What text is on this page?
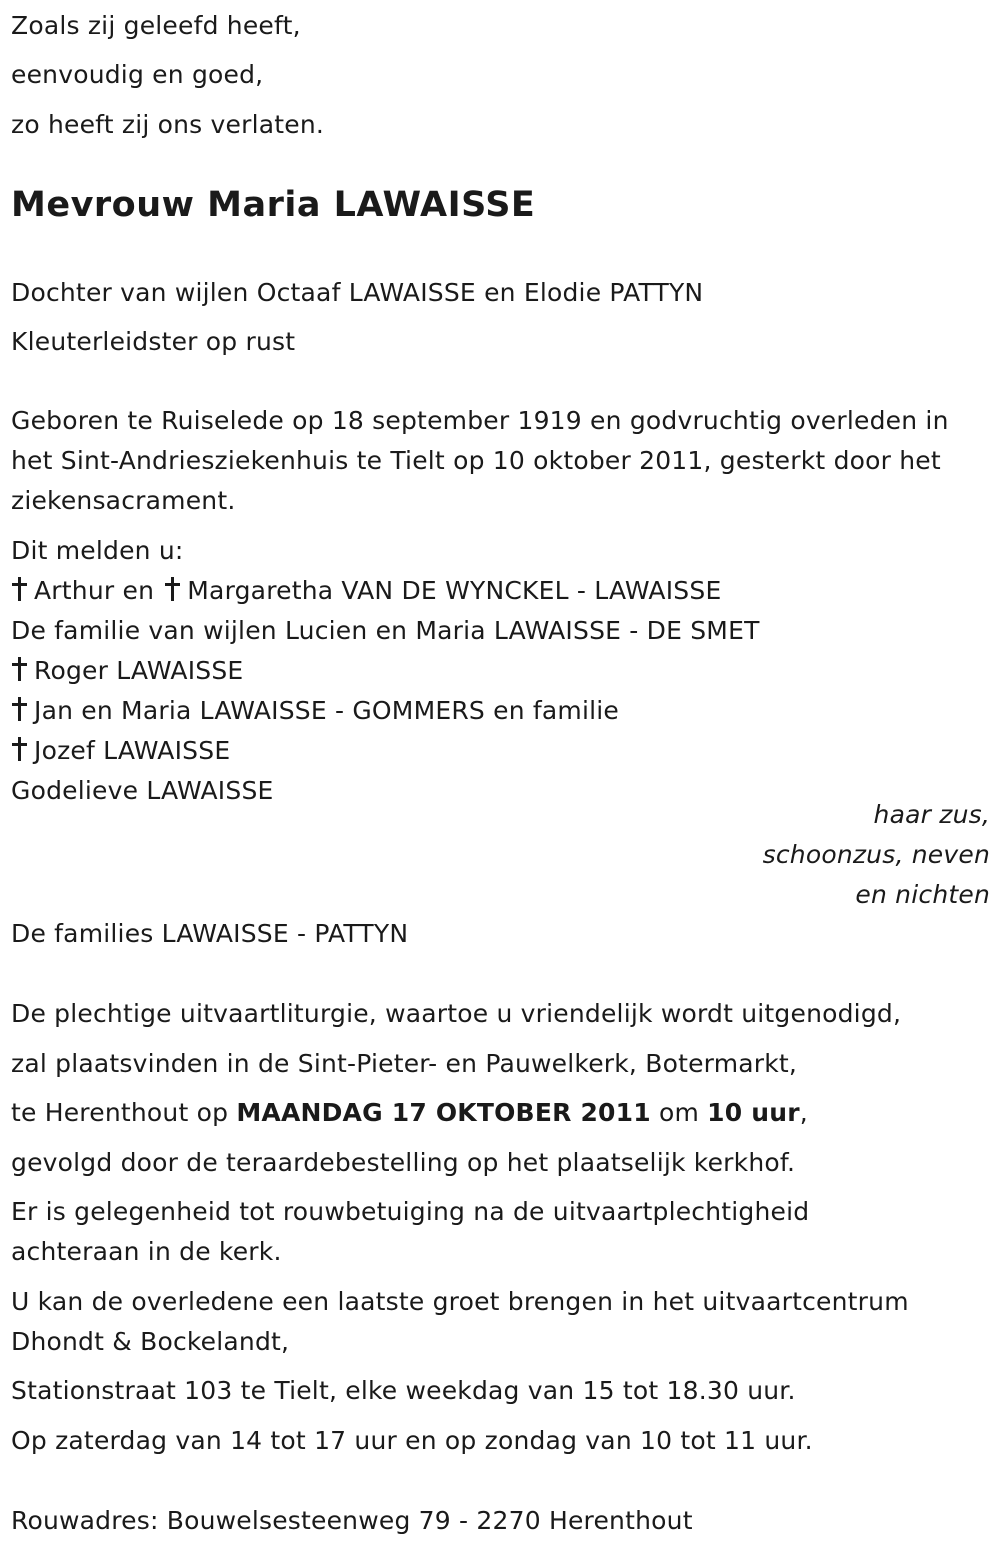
Zoals zij geleefd heeft,
eenvoudig en goed,
zo heeft zij ons verlaten.
Mevrouw Maria LAWAISSE
Dochter van wijlen Octaaf LAWAISSE en Elodie PATTYN
Kleuterleidster op rust
Geboren te Ruiselede op 18 september 1919 en godvruchtig overleden in
het Sint-Andriesziekenhuis te Tielt op 10 oktober 2011, gesterkt door het
ziekensacrament.
Dit melden u:
Arthur en Margaretha VAN DE WYNCKEL - LAWAISSE
De familie van wijlen Lucien en Maria LAWAISSE - DE SMET
Roger LAWAISSE
Jan en Maria LAWAISSE - GOMMERS en familie
Jozef LAWAISSE
Godelieve LAWAISSE
haar zus,
schoonzus, neven
en nichten
De families LAWAISSE - PATTYN
De plechtige uitvaartliturgie, waartoe u vriendelijk wordt uitgenodigd,
zal plaatsvinden in de Sint-Pieter- en Pauwelkerk, Botermarkt,
te Herenthout op MAANDAG 17 OKTOBER 2011 om 10 uur,
gevolgd door de teraardebestelling op het plaatselijk kerkhof.
Er is gelegenheid tot rouwbetuiging na de uitvaartplechtigheid
achteraan in de kerk.
U kan de overledene een laatste groet brengen in het uitvaartcentrum
Dhondt & Bockelandt,
Stationstraat 103 te Tielt, elke weekdag van 15 tot 18.30 uur.
Op zaterdag van 14 tot 17 uur en op zondag van 10 tot 11 uur.
Rouwadres: Bouwelsesteenweg 79 - 2270 Herenthout
